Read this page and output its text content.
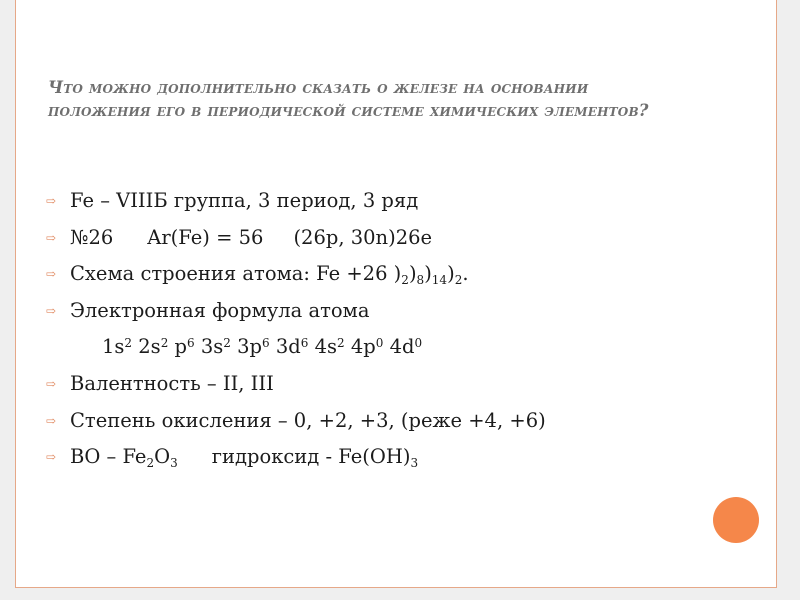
Что можно дополнительно сказать о железе на основании
положения его в периодической системе химических элементов?
⇨ Fe – VIIIБ группа, 3 период, 3 ряд
⇨ №26 Ar(Fe) = 56 (26p, 30n)26e
⇨ Схема строения атома: Fe +26 )$_2)_8)_{14})_2$.
⇨ Электронная формула атома
$1s^2$ $2s^2$ $p^6$ $3s^2$ $3p^6$ $3d^6$ $4s^2$ $4p^0$ $4d^0$
⇨ Валентность – II, III
⇨ Степень окисления – 0, +2, +3, (реже +4, +6)
⇨ ВО – $Fe_2O_3$ гидроксид - $Fe(OH)_3$
